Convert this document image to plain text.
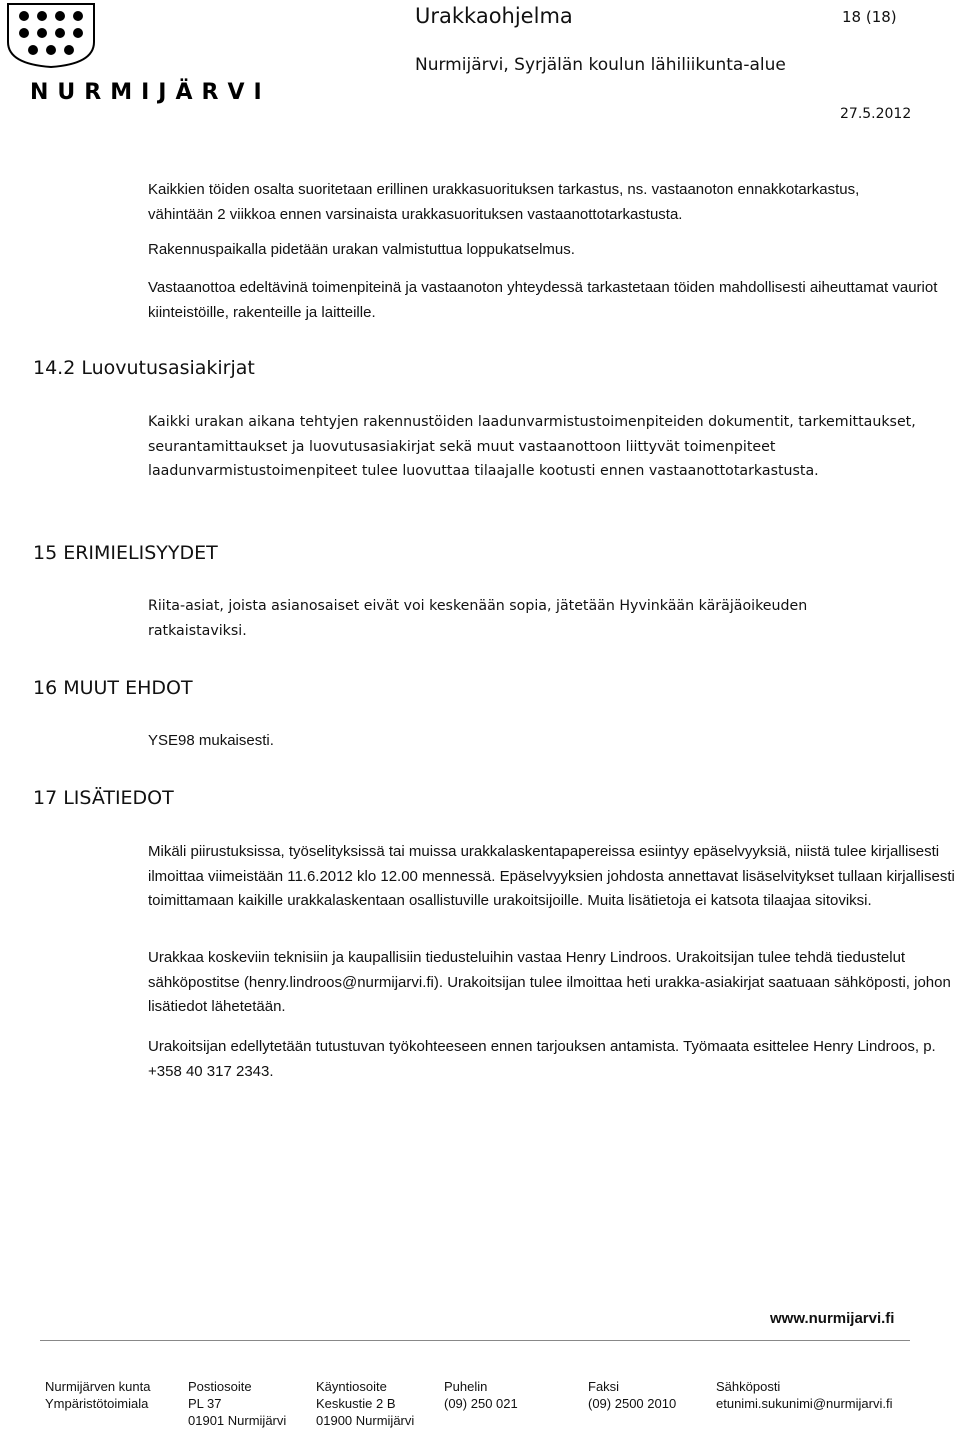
NURMIJÄRVI
Urakkaohjelma	18 (18)
Nurmijärvi, Syrjälän koulun lähiliikunta-alue
27.5.2012
Kaikkien töiden osalta suoritetaan erillinen urakkasuorituksen tarkastus, ns. vastaanoton ennakkotarkastus, vähintään 2 viikkoa ennen varsinaista urakkasuorituksen vastaanottotarkastusta.
Rakennuspaikalla pidetään urakan valmistuttua loppukatselmus.
Vastaanottoa edeltävinä toimenpiteinä ja vastaanoton yhteydessä tarkastetaan töiden mahdollisesti aiheuttamat vauriot kiinteistöille, rakenteille ja laitteille.
14.2 Luovutusasiakirjat
Kaikki urakan aikana tehtyjen rakennustöiden laadunvarmistustoimenpiteiden dokumentit, tarkemittaukset, seurantamittaukset ja luovutusasiakirjat sekä muut vastaanottoon liittyvät toimenpiteet laadunvarmistustoimenpiteet tulee luovuttaa tilaajalle kootusti ennen vastaanottotarkastusta.
15 ERIMIELISYYDET
Riita-asiat, joista asianosaiset eivät voi keskenään sopia, jätetään Hyvinkään käräjäoikeuden ratkaistaviksi.
16 MUUT EHDOT
YSE98 mukaisesti.
17 LISÄTIEDOT
Mikäli piirustuksissa, työselityksissä tai muissa urakkalaskentapapereissa esiintyy epäselvyyksiä, niistä tulee kirjallisesti ilmoittaa viimeistään 11.6.2012 klo 12.00 mennessä. Epäselvyyksien johdosta annettavat lisäselvitykset tullaan kirjallisesti toimittamaan kaikille urakkalaskentaan osallistuville urakoitsijoille. Muita lisätietoja ei katsota tilaajaa sitoviksi.
Urakkaa koskeviin teknisiin ja kaupallisiin tiedusteluihin vastaa Henry Lindroos. Urakoitsijan tulee tehdä tiedustelut sähköpostitse (henry.lindroos@nurmijarvi.fi). Urakoitsijan tulee ilmoittaa heti urakka-asiakirjat saatuaan sähköposti, johon lisätiedot lähetetään.
Urakoitsijan edellytetään tutustuvan työkohteeseen ennen tarjouksen antamista. Työmaata esittelee Henry Lindroos, p. +358 40 317 2343.
www.nurmijarvi.fi
Nurmijärven kunta
Ympäristötoimiala
Postiosoite
PL 37
01901 Nurmijärvi
Käyntiosoite
Keskustie 2 B
01900 Nurmijärvi
Puhelin
(09) 250 021
Faksi
(09) 2500 2010
Sähköposti
etunimi.sukunimi@nurmijarvi.fi
